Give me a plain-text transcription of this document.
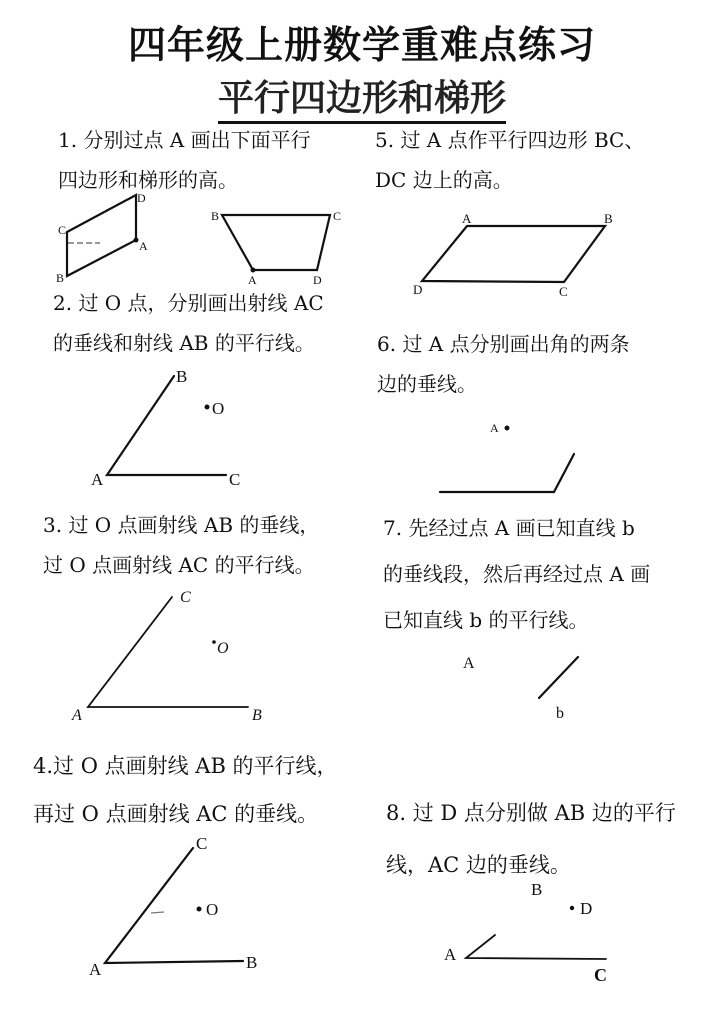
四年级上册数学重难点练习
平行四边形和梯形

1. 分别过点 A 画出下面平行

四边形和梯形的高。

C
D
A
B
B	C
A	D

2. 过 O 点，分别画出射线 AC

的垂线和射线 AB 的平行线。

B
O
A	C

3. 过 O 点画射线 AB 的垂线，

过 O 点画射线 AC 的平行线。

C
O
A	B

4.过 O 点画射线 AB 的平行线，

再过 O 点画射线 AC 的垂线。

C
O
A	B

5. 过 A 点作平行四边形 BC、

DC 边上的高。

A	B
D	C

6. 过 A 点分别画出角的两条

边的垂线。

A

7. 先经过点 A 画已知直线 b

的垂线段，然后再经过点 A 画

已知直线 b 的平行线。

A
b

8. 过 D 点分别做 AB 边的平行

线，AC 边的垂线。

B
D
A
C
